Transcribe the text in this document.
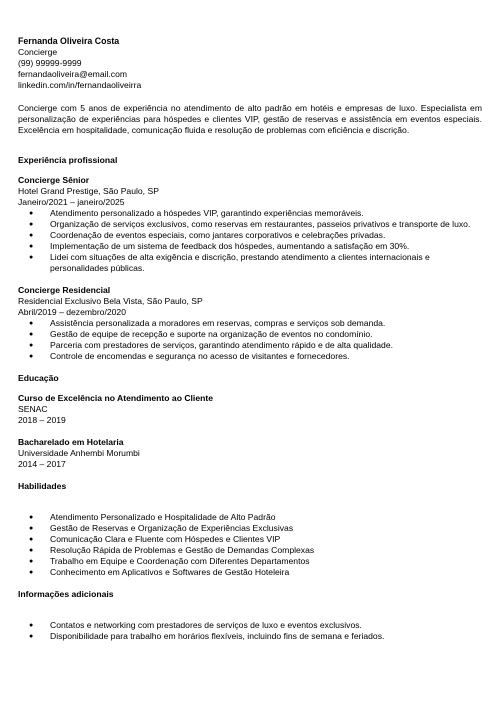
Fernanda Oliveira Costa
Concierge
(99) 99999-9999
fernandaoliveira@email.com
linkedin.com/in/fernandaoliveirra
Concierge com 5 anos de experiência no atendimento de alto padrão em hotéis e empresas de luxo. Especialista em personalização de experiências para hóspedes e clientes VIP, gestão de reservas e assistência em eventos especiais. Excelência em hospitalidade, comunicação fluida e resolução de problemas com eficiência e discrição.
Experiência profissional
Concierge Sênior
Hotel Grand Prestige, São Paulo, SP
Janeiro/2021 – janeiro/2025
● Atendimento personalizado a hóspedes VIP, garantindo experiências memoráveis.
● Organização de serviços exclusivos, como reservas em restaurantes, passeios privativos e transporte de luxo.
● Coordenação de eventos especiais, como jantares corporativos e celebrações privadas.
● Implementação de um sistema de feedback dos hóspedes, aumentando a satisfação em 30%.
● Lidei com situações de alta exigência e discrição, prestando atendimento a clientes internacionais e personalidades públicas.
Concierge Residencial
Residencial Exclusivo Bela Vista, São Paulo, SP
Abril/2019 – dezembro/2020
● Assistência personalizada a moradores em reservas, compras e serviços sob demanda.
● Gestão de equipe de recepção e suporte na organização de eventos no condomínio.
● Parceria com prestadores de serviços, garantindo atendimento rápido e de alta qualidade.
● Controle de encomendas e segurança no acesso de visitantes e fornecedores.
Educação
Curso de Excelência no Atendimento ao Cliente
SENAC
2018 – 2019
Bacharelado em Hotelaria
Universidade Anhembi Morumbi
2014 – 2017
Habilidades
● Atendimento Personalizado e Hospitalidade de Alto Padrão
● Gestão de Reservas e Organização de Experiências Exclusivas
● Comunicação Clara e Fluente com Hóspedes e Clientes VIP
● Resolução Rápida de Problemas e Gestão de Demandas Complexas
● Trabalho em Equipe e Coordenação com Diferentes Departamentos
● Conhecimento em Aplicativos e Softwares de Gestão Hoteleira
Informações adicionais
● Contatos e networking com prestadores de serviços de luxo e eventos exclusivos.
● Disponibilidade para trabalho em horários flexíveis, incluindo fins de semana e feriados.
